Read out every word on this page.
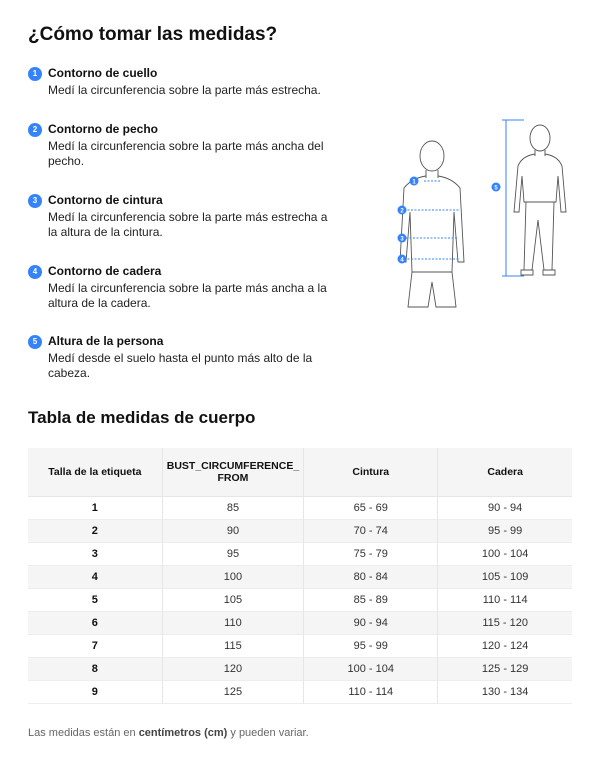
¿Cómo tomar las medidas?
1 Contorno de cuello

Medí la circunferencia sobre la parte más estrecha.

2 Contorno de pecho

Medí la circunferencia sobre la parte más ancha del pecho.

3 Contorno de cintura

Medí la circunferencia sobre la parte más estrecha a la altura de la cintura.

4 Contorno de cadera

Medí la circunferencia sobre la parte más ancha a la altura de la cadera.

5 Altura de la persona

Medí desde el suelo hasta el punto más alto de la cabeza.

1
2
3
4
5
Tabla de medidas de cuerpo
Talla de la etiqueta	BUST_CIRCUMFERENCE_ FROM	Cintura	Cadera
1	85	65 - 69	90 - 94
2	90	70 - 74	95 - 99
3	95	75 - 79	100 - 104
4	100	80 - 84	105 - 109
5	105	85 - 89	110 - 114
6	110	90 - 94	115 - 120
7	115	95 - 99	120 - 124
8	120	100 - 104	125 - 129
9	125	110 - 114	130 - 134

Las medidas están en centímetros (cm) y pueden variar.
